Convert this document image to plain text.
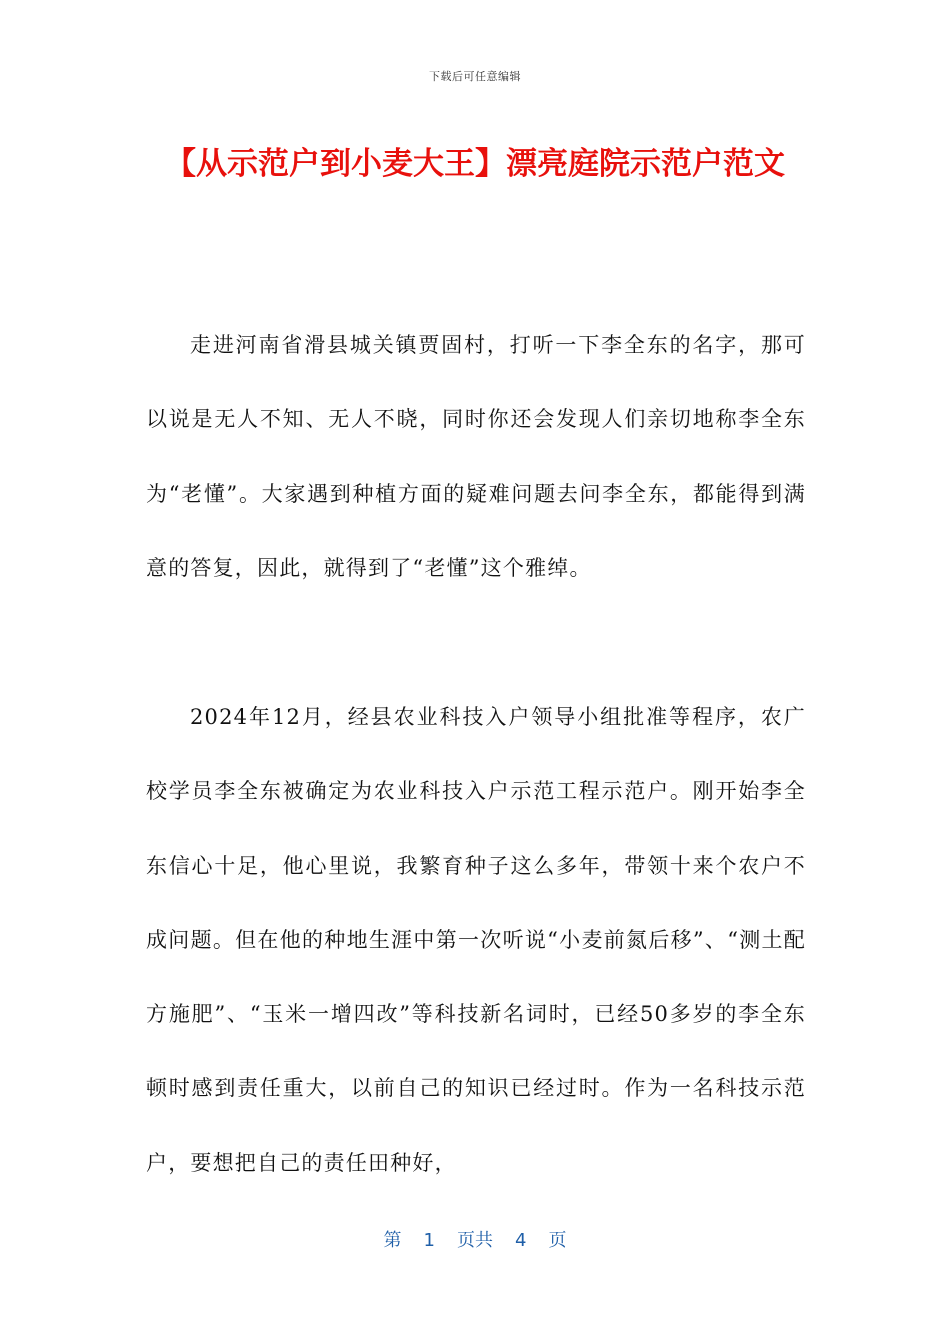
下载后可任意编辑
【从示范户到小麦大王】漂亮庭院示范户范文

走进河南省滑县城关镇贾固村，打听一下李全东的名字，那可以说是无人不知、无人不晓，同时你还会发现人们亲切地称李全东为“老懂”。大家遇到种植方面的疑难问题去问李全东，都能得到满意的答复，因此，就得到了“老懂”这个雅绰。

2024年12月，经县农业科技入户领导小组批准等程序，农广校学员李全东被确定为农业科技入户示范工程示范户。刚开始李全东信心十足，他心里说，我繁育种子这么多年，带领十来个农户不成问题。但在他的种地生涯中第一次听说“小麦前氮后移”、“测土配方施肥”、“玉米一增四改”等科技新名词时，已经50多岁的李全东顿时感到责任重大，以前自己的知识已经过时。作为一名科技示范户，要想把自己的责任田种好，

第 1 页共 4 页
